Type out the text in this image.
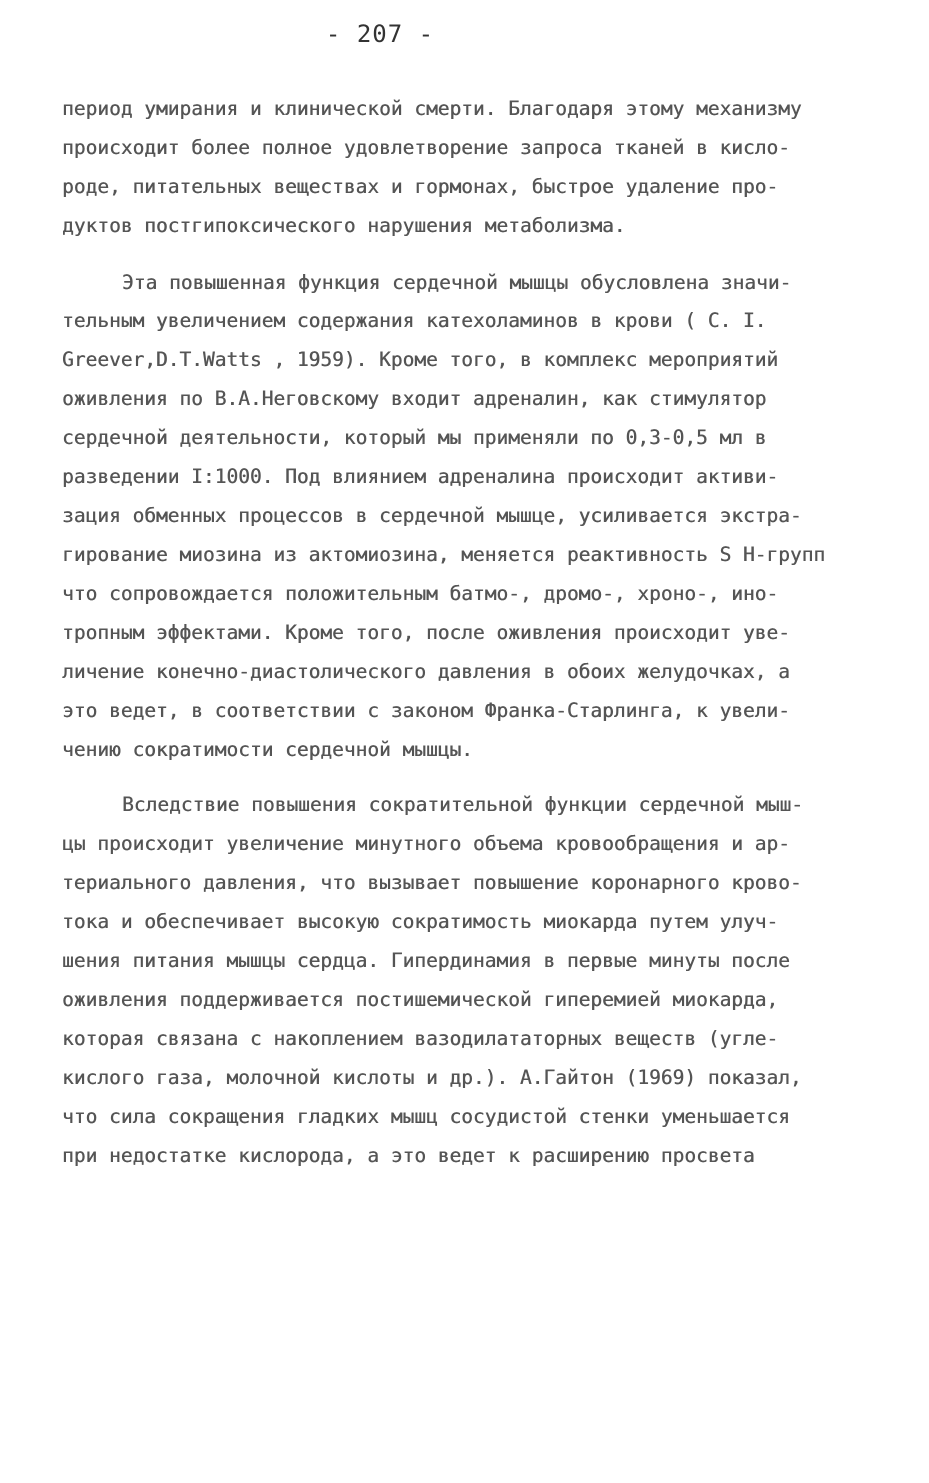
- 207 -
период умирания и клинической смерти. Благодаря этому механизму
происходит более полное удовлетворение запроса тканей в кисло-
роде, питательных веществах и гормонах, быстрое удаление про-
дуктов постгипоксического нарушения метаболизма.
Эта повышенная функция сердечной мышцы обусловлена значи-
тельным увеличением содержания катехоламинов в крови ( C. I.
Greever,D.T.Watts , 1959). Кроме того, в комплекс мероприятий
оживления по В.А.Неговскому входит адреналин, как стимулятор
сердечной деятельности, который мы применяли по 0,3-0,5 мл в
разведении I:1000. Под влиянием адреналина происходит активи-
зация обменных процессов в сердечной мышце, усиливается экстра-
гирование миозина из актомиозина, меняется реактивность S H-групп
что сопровождается положительным батмо-, дромо-, хроно-, ино-
тропным эффектами. Кроме того, после оживления происходит уве-
личение конечно-диастолического давления в обоих желудочках, а
это ведет, в соответствии с законом Франка-Старлинга, к увели-
чению сократимости сердечной мышцы.
Вследствие повышения сократительной функции сердечной мыш-
цы происходит увеличение минутного объема кровообращения и ар-
териального давления, что вызывает повышение коронарного крово-
тока и обеспечивает высокую сократимость миокарда путем улуч-
шения питания мышцы сердца. Гипердинамия в первые минуты после
оживления поддерживается постишемической гиперемией миокарда,
которая связана с накоплением вазодилататорных веществ (угле-
кислого газа, молочной кислоты и др.). А.Гайтон (1969) показал,
что сила сокращения гладких мышц сосудистой стенки уменьшается
при недостатке кислорода, а это ведет к расширению просвета
